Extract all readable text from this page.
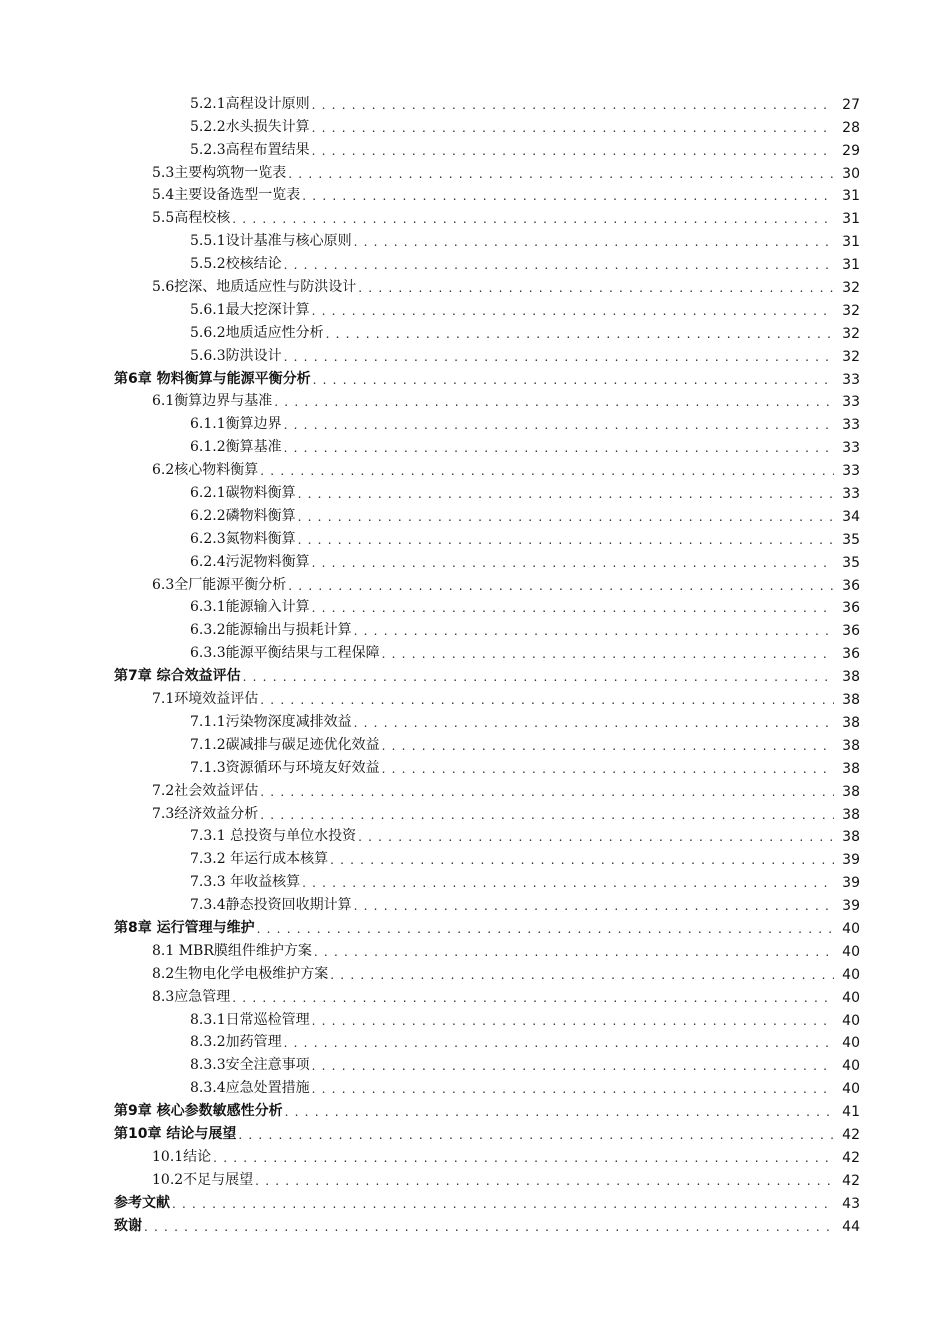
5.2.1高程设计原则 . . .	27
5.2.2水头损失计算 . . .	28
5.2.3高程布置结果 . . .	29
5.3主要构筑物一览表 . . .	30
5.4主要设备选型一览表 . . .	31
5.5高程校核 . . .	31
5.5.1设计基准与核心原则 . . .	31
5.5.2校核结论 . . .	31
5.6挖深、地质适应性与防洪设计 . . .	32
5.6.1最大挖深计算 . . .	32
5.6.2地质适应性分析 . . .	32
5.6.3防洪设计 . . .	32
第6章 物料衡算与能源平衡分析 . . .	33
6.1衡算边界与基准 . . .	33
6.1.1衡算边界 . . .	33
6.1.2衡算基准 . . .	33
6.2核心物料衡算 . . .	33
6.2.1碳物料衡算 . . .	33
6.2.2磷物料衡算 . . .	34
6.2.3氮物料衡算 . . .	35
6.2.4污泥物料衡算 . . .	35
6.3全厂能源平衡分析 . . .	36
6.3.1能源输入计算 . . .	36
6.3.2能源输出与损耗计算 . . .	36
6.3.3能源平衡结果与工程保障 . . .	36
第7章 综合效益评估 . . .	38
7.1环境效益评估 . . .	38
7.1.1污染物深度减排效益 . . .	38
7.1.2碳减排与碳足迹优化效益 . . .	38
7.1.3资源循环与环境友好效益 . . .	38
7.2社会效益评估 . . .	38
7.3经济效益分析 . . .	38
7.3.1 总投资与单位水投资 . . .	38
7.3.2 年运行成本核算 . . .	39
7.3.3 年收益核算 . . .	39
7.3.4静态投资回收期计算 . . .	39
第8章 运行管理与维护 . . .	40
8.1 MBR膜组件维护方案 . . .	40
8.2生物电化学电极维护方案 . . .	40
8.3应急管理 . . .	40
8.3.1日常巡检管理 . . .	40
8.3.2加药管理 . . .	40
8.3.3安全注意事项 . . .	40
8.3.4应急处置措施 . . .	40
第9章 核心参数敏感性分析 . . .	41
第10章 结论与展望 . . .	42
10.1结论 . . .	42
10.2不足与展望 . . .	42
参考文献 . . .	43
致谢 . . .	44
